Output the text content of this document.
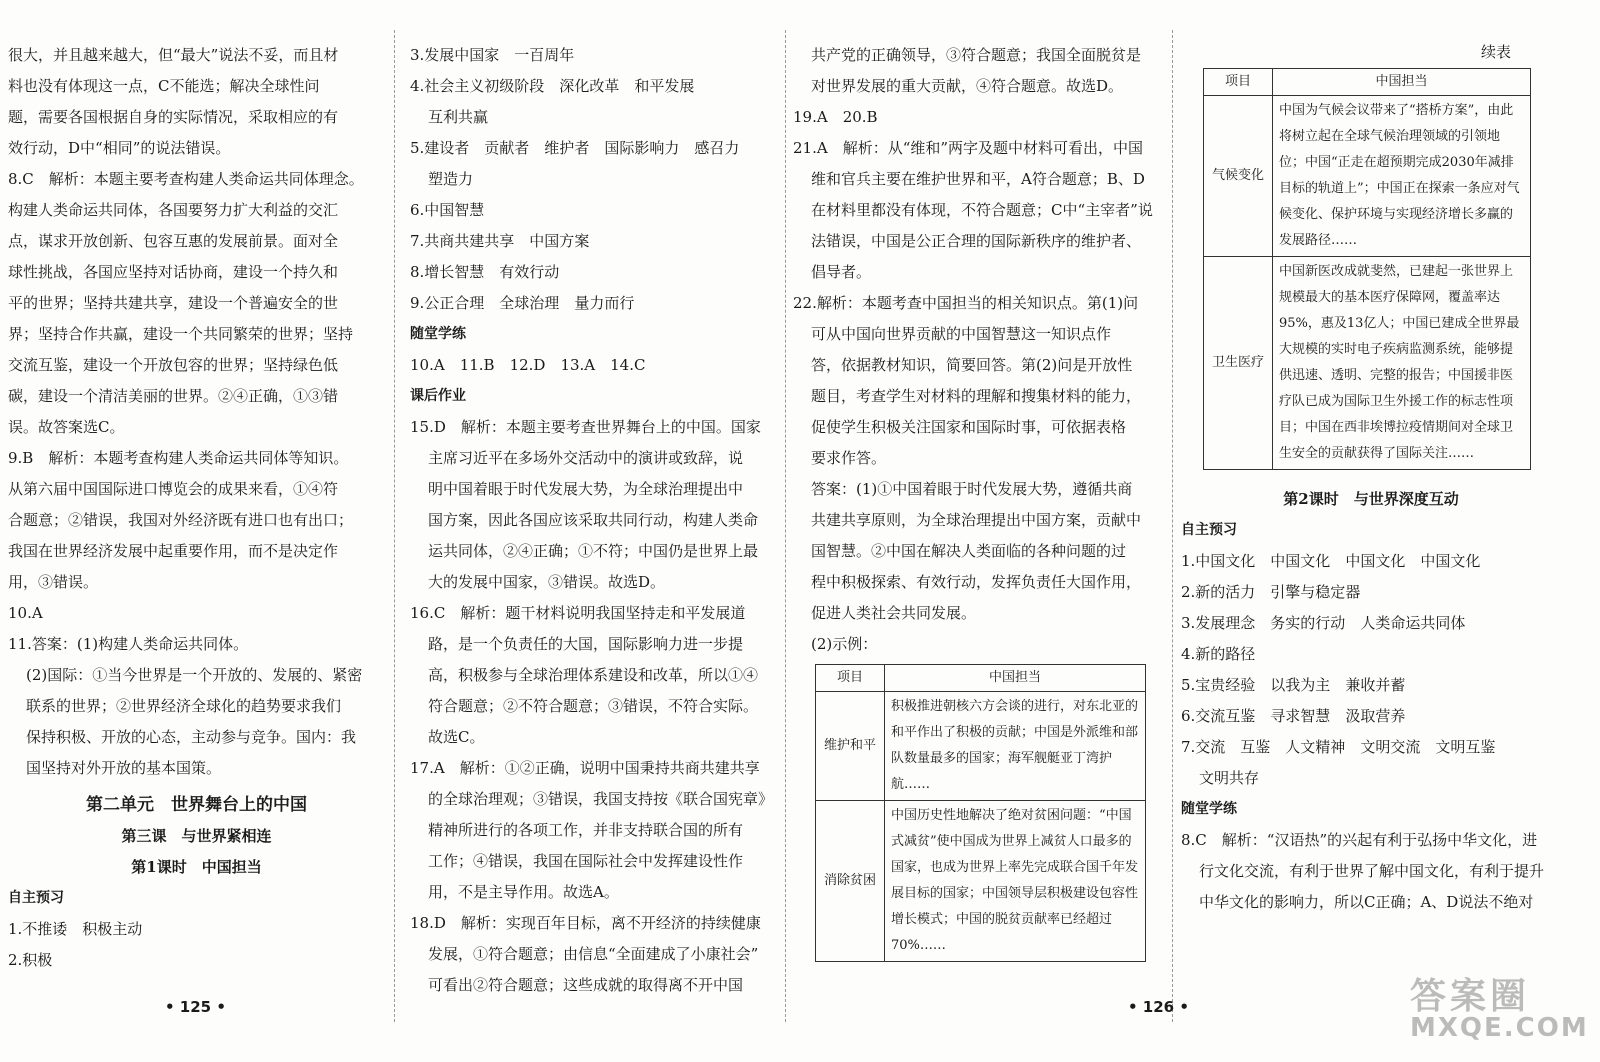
很大，并且越来越大，但“最大”说法不妥，而且材

料也没有体现这一点，C不能选；解决全球性问

题，需要各国根据自身的实际情况，采取相应的有

效行动，D中“相同”的说法错误。

8.C　解析：本题主要考查构建人类命运共同体理念。

构建人类命运共同体，各国要努力扩大利益的交汇

点，谋求开放创新、包容互惠的发展前景。面对全

球性挑战，各国应坚持对话协商，建设一个持久和

平的世界；坚持共建共享，建设一个普遍安全的世

界；坚持合作共赢，建设一个共同繁荣的世界；坚持

交流互鉴，建设一个开放包容的世界；坚持绿色低

碳，建设一个清洁美丽的世界。②④正确，①③错

误。故答案选C。

9.B　解析：本题考查构建人类命运共同体等知识。

从第六届中国国际进口博览会的成果来看，①④符

合题意；②错误，我国对外经济既有进口也有出口；

我国在世界经济发展中起重要作用，而不是决定作

用，③错误。

10.A

11.答案：(1)构建人类命运共同体。

(2)国际：①当今世界是一个开放的、发展的、紧密

联系的世界；②世界经济全球化的趋势要求我们

保持积极、开放的心态，主动参与竞争。国内：我

国坚持对外开放的基本国策。

第二单元　世界舞台上的中国

第三课　与世界紧相连

第1课时　中国担当

自主预习

1.不推诿　积极主动

2.积极

3.发展中国家　一百周年

4.社会主义初级阶段　深化改革　和平发展

互利共赢

5.建设者　贡献者　维护者　国际影响力　感召力

塑造力

6.中国智慧

7.共商共建共享　中国方案

8.增长智慧　有效行动

9.公正合理　全球治理　量力而行

随堂学练

10.A　11.B　12.D　13.A　14.C

课后作业

15.D　解析：本题主要考查世界舞台上的中国。国家

主席习近平在多场外交活动中的演讲或致辞，说

明中国着眼于时代发展大势，为全球治理提出中

国方案，因此各国应该采取共同行动，构建人类命

运共同体，②④正确；①不符；中国仍是世界上最

大的发展中国家，③错误。故选D。

16.C　解析：题干材料说明我国坚持走和平发展道

路，是一个负责任的大国，国际影响力进一步提

高，积极参与全球治理体系建设和改革，所以①④

符合题意；②不符合题意；③错误，不符合实际。

故选C。

17.A　解析：①②正确，说明中国秉持共商共建共享

的全球治理观；③错误，我国支持按《联合国宪章》

精神所进行的各项工作，并非支持联合国的所有

工作；④错误，我国在国际社会中发挥建设性作

用，不是主导作用。故选A。

18.D　解析：实现百年目标，离不开经济的持续健康

发展，①符合题意；由信息“全面建成了小康社会”

可看出②符合题意；这些成就的取得离不开中国

共产党的正确领导，③符合题意；我国全面脱贫是

对世界发展的重大贡献，④符合题意。故选D。

19.A　20.B

21.A　解析：从“维和”两字及题中材料可看出，中国

维和官兵主要在维护世界和平，A符合题意；B、D

在材料里都没有体现，不符合题意；C中“主宰者”说

法错误，中国是公正合理的国际新秩序的维护者、

倡导者。

22.解析：本题考查中国担当的相关知识点。第(1)问

可从中国向世界贡献的中国智慧这一知识点作

答，依据教材知识，简要回答。第(2)问是开放性

题目，考查学生对材料的理解和搜集材料的能力，

促使学生积极关注国家和国际时事，可依据表格

要求作答。

答案：(1)①中国着眼于时代发展大势，遵循共商

共建共享原则，为全球治理提出中国方案，贡献中

国智慧。②中国在解决人类面临的各种问题的过

程中积极探索、有效行动，发挥负责任大国作用，

促进人类社会共同发展。

(2)示例：

项目	中国担当
维护和平	积极推进朝核六方会谈的进行，对东北亚的和平作出了积极的贡献；中国是外派维和部队数量最多的国家；海军舰艇亚丁湾护航……
消除贫困	中国历史性地解决了绝对贫困问题：“中国式减贫”使中国成为世界上减贫人口最多的国家，也成为世界上率先完成联合国千年发展目标的国家；中国领导层积极建设包容性增长模式；中国的脱贫贡献率已经超过70%……
续表
项目	中国担当
气候变化	中国为气候会议带来了“搭桥方案”，由此将树立起在全球气候治理领域的引领地位；中国“正走在超预期完成2030年减排目标的轨道上”；中国正在探索一条应对气候变化、保护环境与实现经济增长多赢的发展路径……
卫生医疗	中国新医改成就斐然，已建起一张世界上规模最大的基本医疗保障网，覆盖率达95%，惠及13亿人；中国已建成全世界最大规模的实时电子疾病监测系统，能够提供迅速、透明、完整的报告；中国援非医疗队已成为国际卫生外援工作的标志性项目；中国在西非埃博拉疫情期间对全球卫生安全的贡献获得了国际关注……

第2课时　与世界深度互动

自主预习

1.中国文化　中国文化　中国文化　中国文化

2.新的活力　引擎与稳定器

3.发展理念　务实的行动　人类命运共同体

4.新的路径

5.宝贵经验　以我为主　兼收并蓄

6.交流互鉴　寻求智慧　汲取营养

7.交流　互鉴　人文精神　文明交流　文明互鉴

文明共存

随堂学练

8.C　解析：“汉语热”的兴起有利于弘扬中华文化，进

行文化交流，有利于世界了解中国文化，有利于提升

中华文化的影响力，所以C正确；A、D说法不绝对

• 125 •	• 126 •	答案圈
MXQE.COM
